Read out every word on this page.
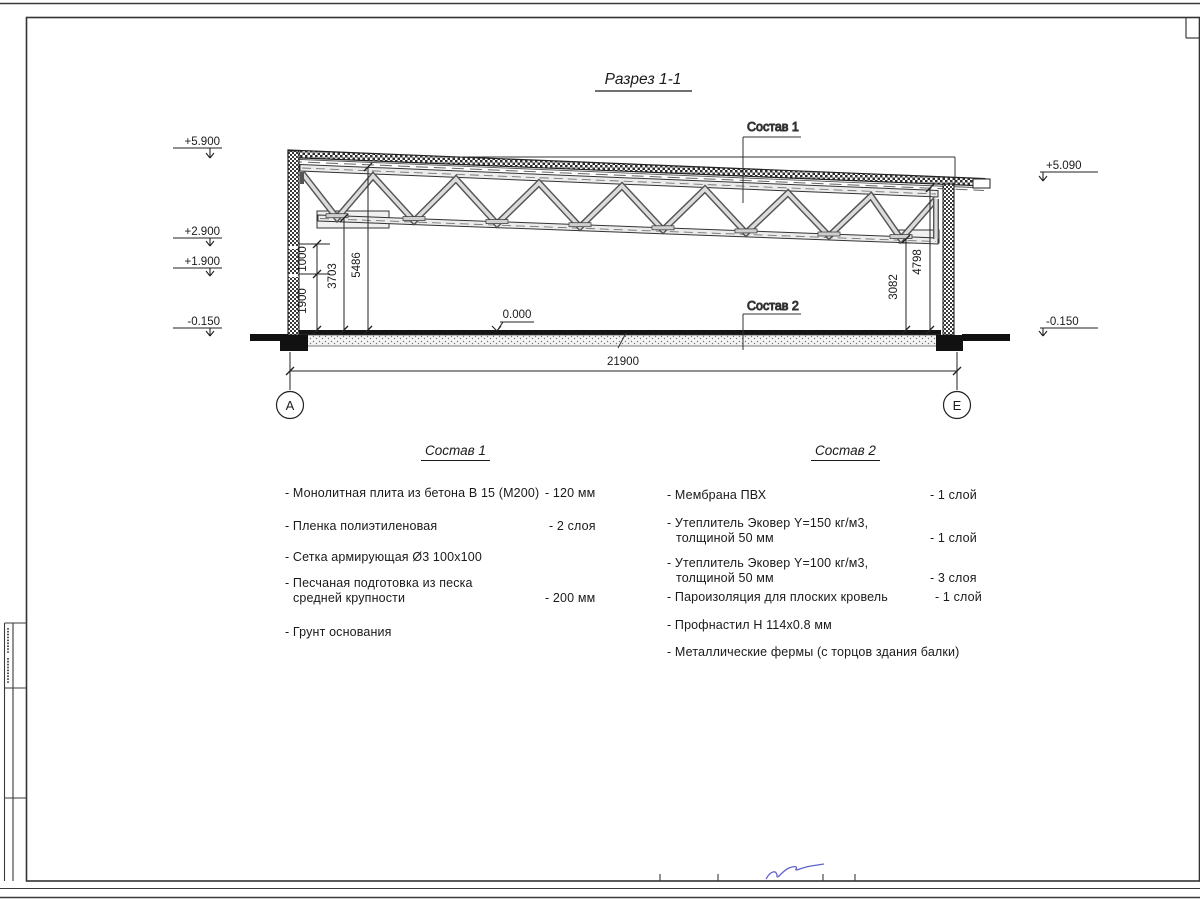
Разрез 1-1
Состав 1
Состав 2
+5.900
+2.900
+1.900
-0.150
+5.090
-0.150
0.000
1900
1000
3703 5486
3082
4798
21900
А	Е
Состав 1
- Монолитная плита из бетона В 15 (М200) - 120 мм
- Пленка полиэтиленовая	- 2 слоя
- Сетка армирующая Ø3 100х100
- Песчаная подготовка из песка
средней крупности	- 200 мм
- Грунт основания
Состав 2
- Мембрана ПВХ	- 1 слой
- Утеплитель Эковер Y=150 кг/м3,
толщиной 50 мм	- 1 слой
- Утеплитель Эковер Y=100 кг/м3,
толщиной 50 мм	- 3 слоя
- Пароизоляция для плоских кровель	- 1 слой
- Профнастил Н 114х0.8 мм
- Металлические фермы (с торцов здания балки)
